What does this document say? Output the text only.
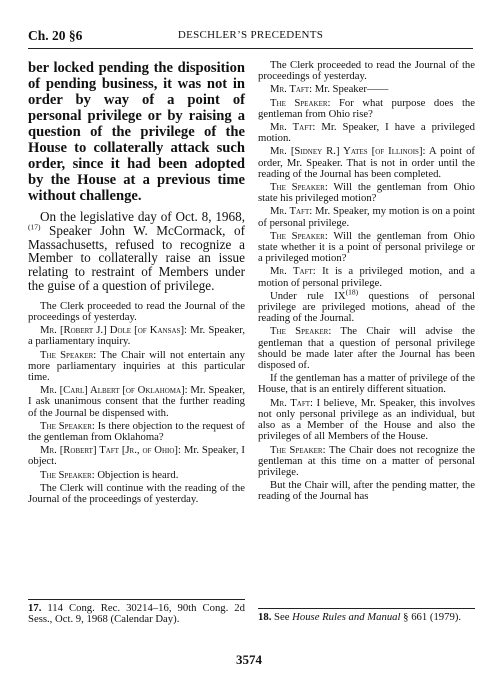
Ch. 20 §6	DESCHLER’S PRECEDENTS

ber locked pending the disposition of pending business, it was not in order by way of a point of personal privilege or by raising a question of the privilege of the House to collaterally attack such order, since it had been adopted by the House at a previous time without challenge.

On the legislative day of Oct. 8, 1968,$^{(17)}$ Speaker John W. McCormack, of Massachusetts, refused to recognize a Member to collaterally raise an issue relating to restraint of Members under the guise of a question of privilege.

The Clerk proceeded to read the Journal of the proceedings of yesterday.

Mr. [Robert J.] Dole [of Kansas]: Mr. Speaker, a parliamentary inquiry.

The Speaker: The Chair will not entertain any more parliamentary inquiries at this particular time.

Mr. [Carl] Albert [of Oklahoma]: Mr. Speaker, I ask unanimous consent that the further reading of the Journal be dispensed with.

The Speaker: Is there objection to the request of the gentleman from Oklahoma?

Mr. [Robert] Taft [Jr., of Ohio]: Mr. Speaker, I object.

The Speaker: Objection is heard.

The Clerk will continue with the reading of the Journal of the proceedings of yesterday.

17. 114 Cong. Rec. 30214–16, 90th Cong. 2d Sess., Oct. 9, 1968 (Calendar Day).

The Clerk proceeded to read the Journal of the proceedings of yesterday.

Mr. Taft: Mr. Speaker——

The Speaker: For what purpose does the gentleman from Ohio rise?

Mr. Taft: Mr. Speaker, I have a privileged motion.

Mr. [Sidney R.] Yates [of Illinois]: A point of order, Mr. Speaker. That is not in order until the reading of the Journal has been completed.

The Speaker: Will the gentleman from Ohio state his privileged motion?

Mr. Taft: Mr. Speaker, my motion is on a point of personal privilege.

The Speaker: Will the gentleman from Ohio state whether it is a point of personal privilege or a privileged motion?

Mr. Taft: It is a privileged motion, and a motion of personal privilege.

Under rule IX$^{(18)}$ questions of personal privilege are privileged motions, ahead of the reading of the Journal.

The Speaker: The Chair will advise the gentleman that a question of personal privilege should be made later after the Journal has been disposed of.

If the gentleman has a matter of privilege of the House, that is an entirely different situation.

Mr. Taft: I believe, Mr. Speaker, this involves not only personal privilege as an individual, but also as a Member of the House and also the privileges of all Members of the House.

The Speaker: The Chair does not recognize the gentleman at this time on a matter of personal privilege.

But the Chair will, after the pending matter, the reading of the Journal has

18. See House Rules and Manual § 661 (1979).
3574
